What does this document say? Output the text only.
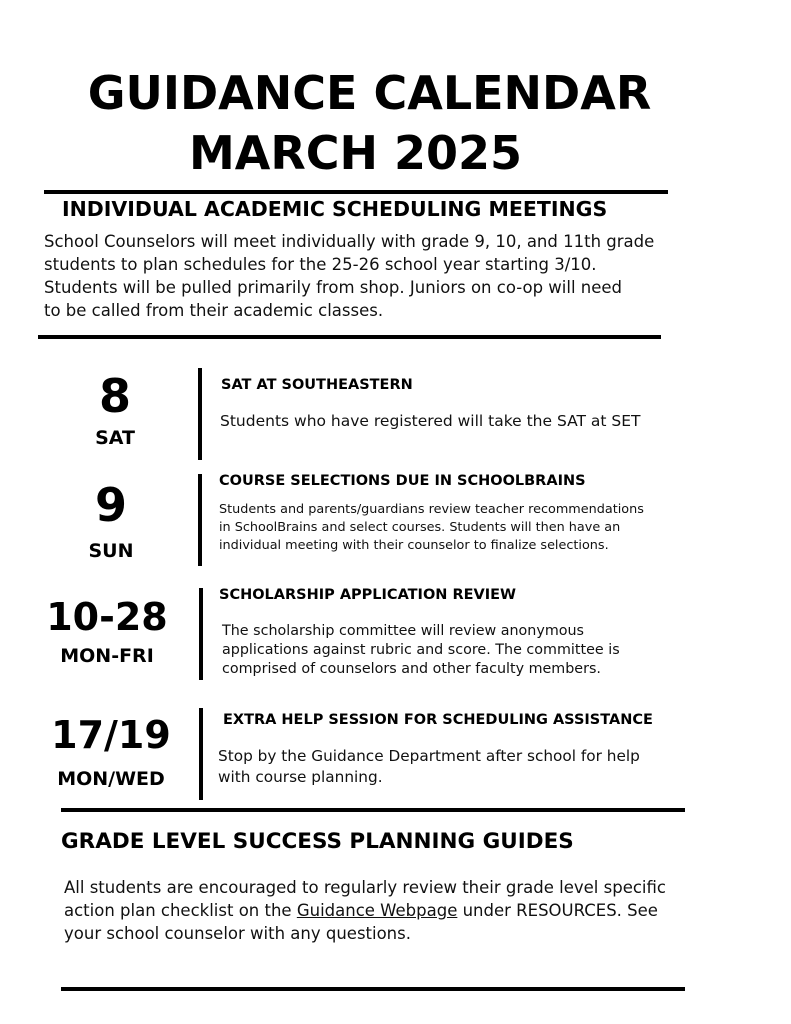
GUIDANCE CALENDAR
MARCH 2025
INDIVIDUAL ACADEMIC SCHEDULING MEETINGS
School Counselors will meet individually with grade 9, 10, and 11th grade
students to plan schedules for the 25-26 school year starting 3/10.
Students will be pulled primarily from shop. Juniors on co-op will need
to be called from their academic classes.
8
SAT
SAT AT SOUTHEASTERN
Students who have registered will take the SAT at SET
9
SUN
COURSE SELECTIONS DUE IN SCHOOLBRAINS
Students and parents/guardians review teacher recommendations
in SchoolBrains and select courses. Students will then have an
individual meeting with their counselor to finalize selections.
10-28
MON-FRI
SCHOLARSHIP APPLICATION REVIEW
The scholarship committee will review anonymous
applications against rubric and score. The committee is
comprised of counselors and other faculty members.
17/19
MON/WED
EXTRA HELP SESSION FOR SCHEDULING ASSISTANCE
Stop by the Guidance Department after school for help
with course planning.
GRADE LEVEL SUCCESS PLANNING GUIDES
All students are encouraged to regularly review their grade level specific
action plan checklist on the Guidance Webpage under RESOURCES. See
your school counselor with any questions.
